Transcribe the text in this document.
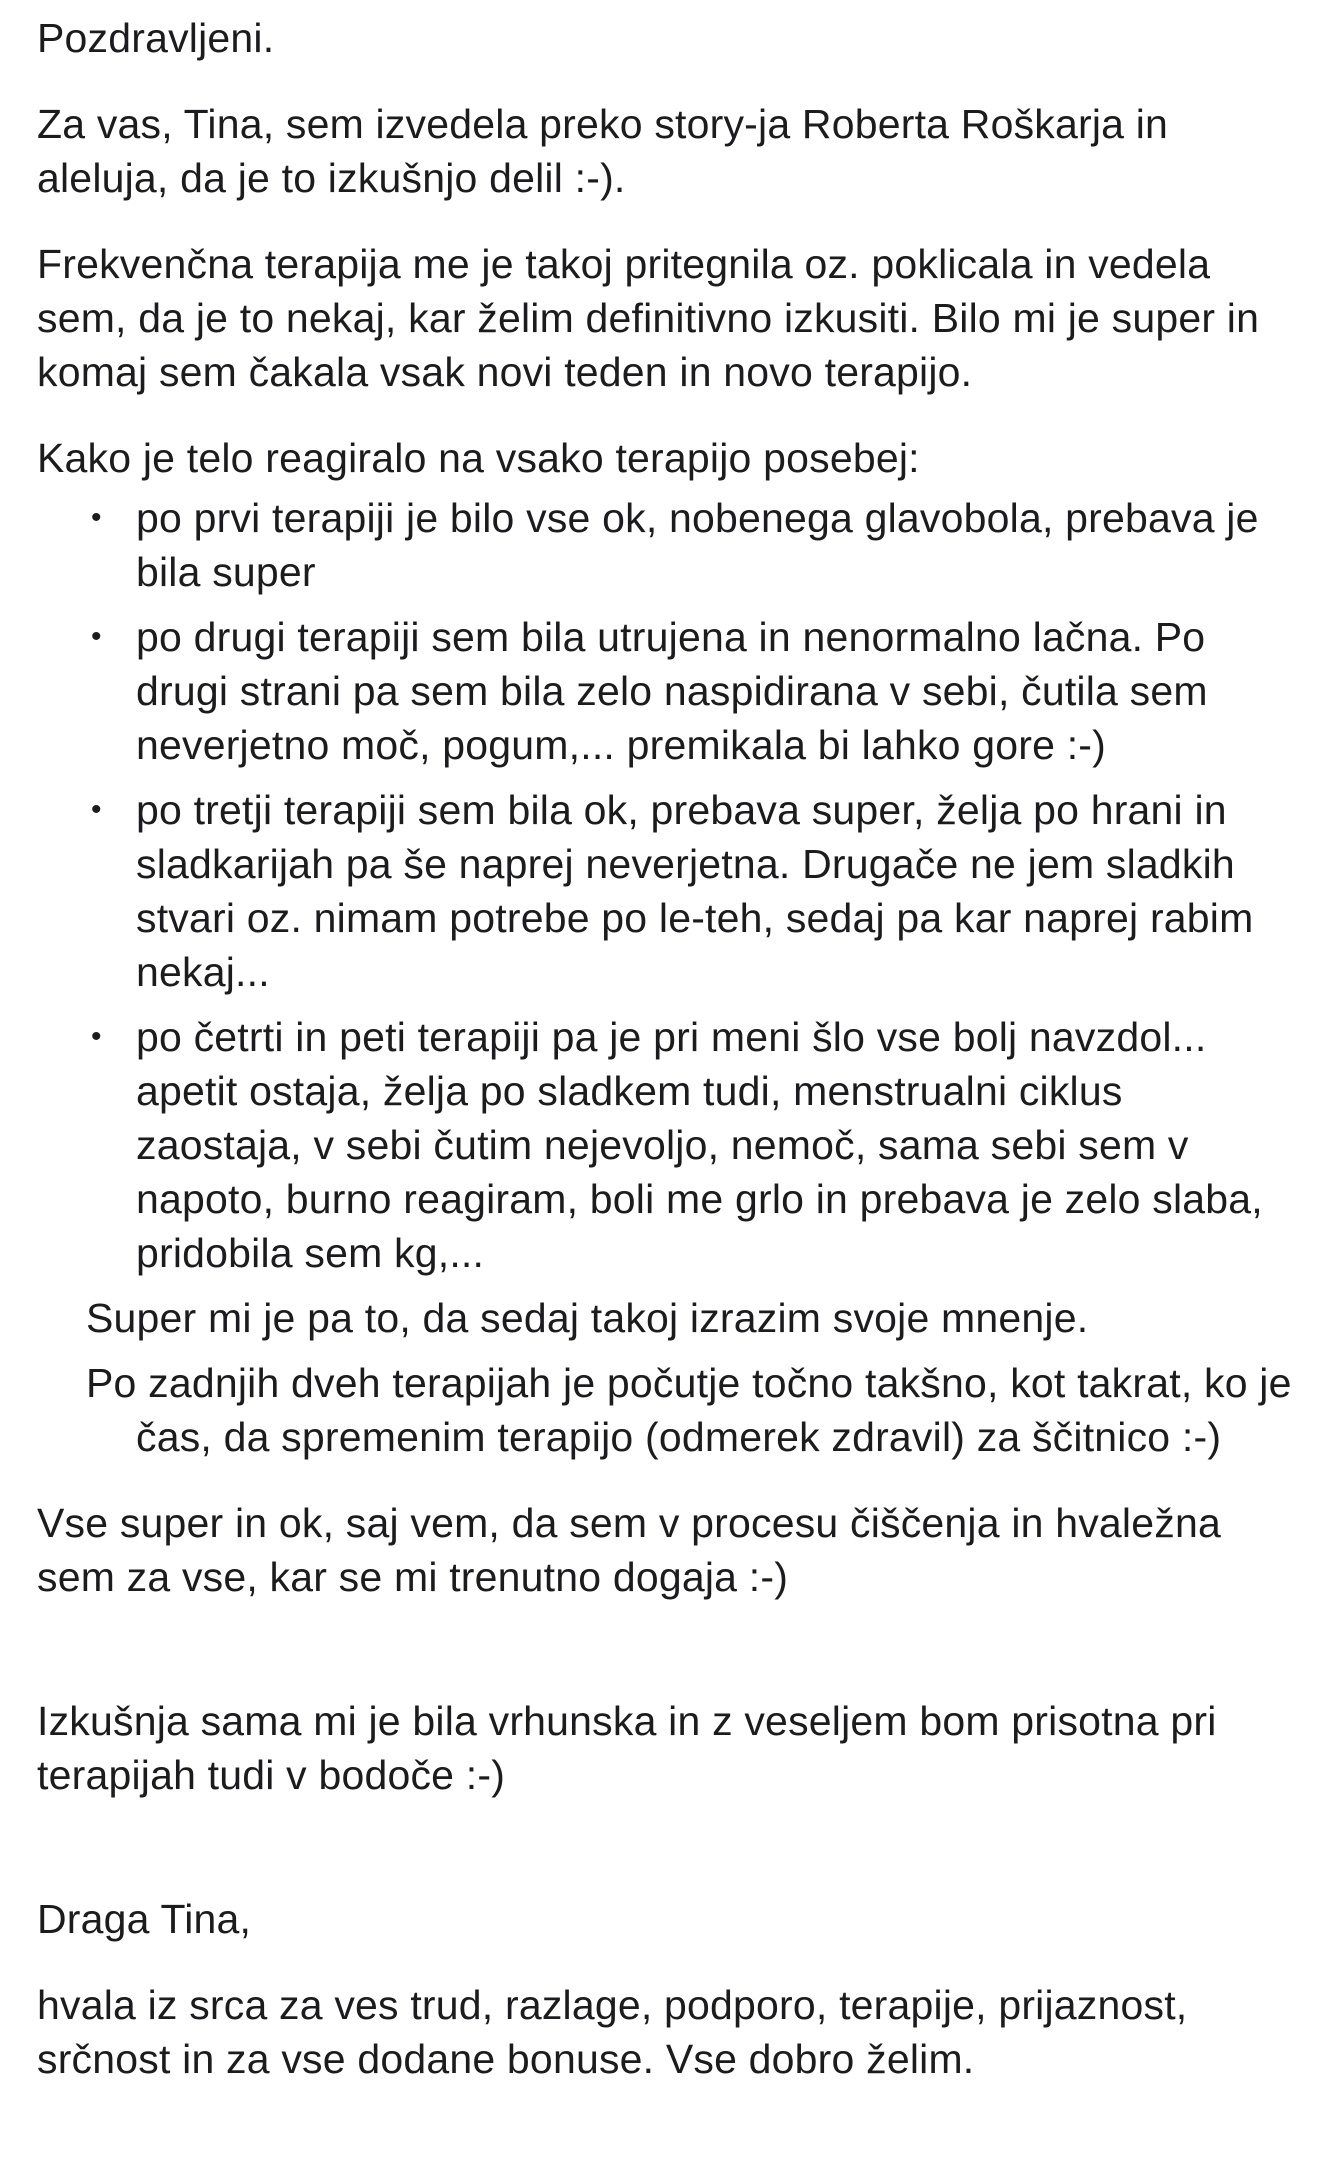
Pozdravljeni.

Za vas, Tina, sem izvedela preko story-ja Roberta Roškarja in aleluja, da je to izkušnjo delil :-).

Frekvenčna terapija me je takoj pritegnila oz. poklicala in vedela sem, da je to nekaj, kar želim definitivno izkusiti. Bilo mi je super in komaj sem čakala vsak novi teden in novo terapijo.

Kako je telo reagiralo na vsako terapijo posebej:

• po prvi terapiji je bilo vse ok, nobenega glavobola, prebava je bila super
• po drugi terapiji sem bila utrujena in nenormalno lačna. Po drugi strani pa sem bila zelo naspidirana v sebi, čutila sem neverjetno moč, pogum,... premikala bi lahko gore :-)
• po tretji terapiji sem bila ok, prebava super, želja po hrani in sladkarijah pa še naprej neverjetna. Drugače ne jem sladkih stvari oz. nimam potrebe po le-teh, sedaj pa kar naprej rabim nekaj...
• po četrti in peti terapiji pa je pri meni šlo vse bolj navzdol... apetit ostaja, želja po sladkem tudi, menstrualni ciklus zaostaja, v sebi čutim nejevoljo, nemoč, sama sebi sem v napoto, burno reagiram, boli me grlo in prebava je zelo slaba, pridobila sem kg,...

Super mi je pa to, da sedaj takoj izrazim svoje mnenje.

Po zadnjih dveh terapijah je počutje točno takšno, kot takrat, ko je čas, da spremenim terapijo (odmerek zdravil) za ščitnico :-)

Vse super in ok, saj vem, da sem v procesu čiščenja in hvaležna sem za vse, kar se mi trenutno dogaja :-)

Izkušnja sama mi je bila vrhunska in z veseljem bom prisotna pri terapijah tudi v bodoče :-)

Draga Tina,

hvala iz srca za ves trud, razlage, podporo, terapije, prijaznost, srčnost in za vse dodane bonuse. Vse dobro želim.
